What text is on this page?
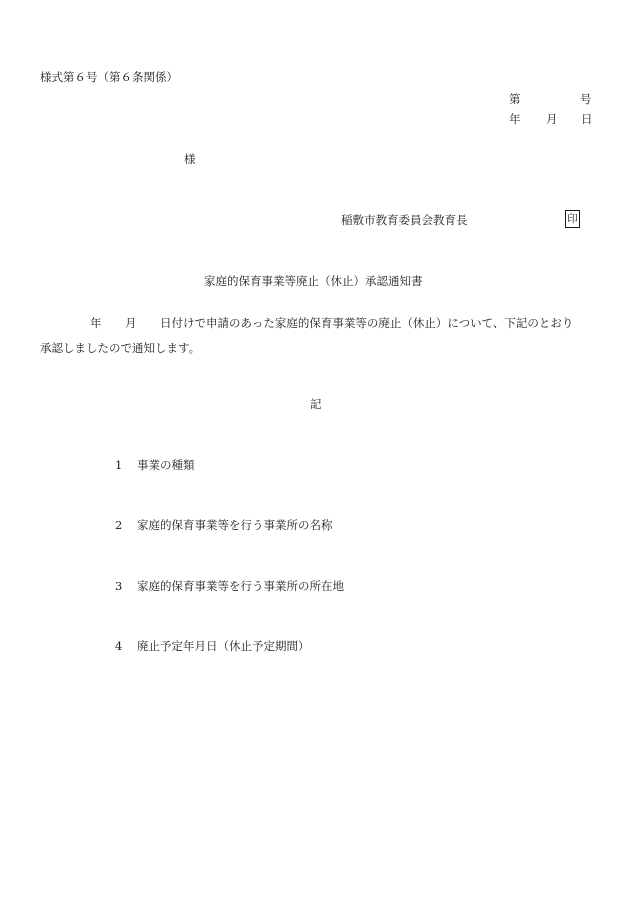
様式第６号（第６条関係）
第	号
年 月 日
様
稲敷市教育委員会教育長	印
家庭的保育事業等廃止（休止）承認通知書
年 月 日付けで申請のあった家庭的保育事業等の廃止（休止）について、下記のとおり
承認しましたので通知します。
記
1 事業の種類
2 家庭的保育事業等を行う事業所の名称
3 家庭的保育事業等を行う事業所の所在地
4 廃止予定年月日（休止予定期間）
